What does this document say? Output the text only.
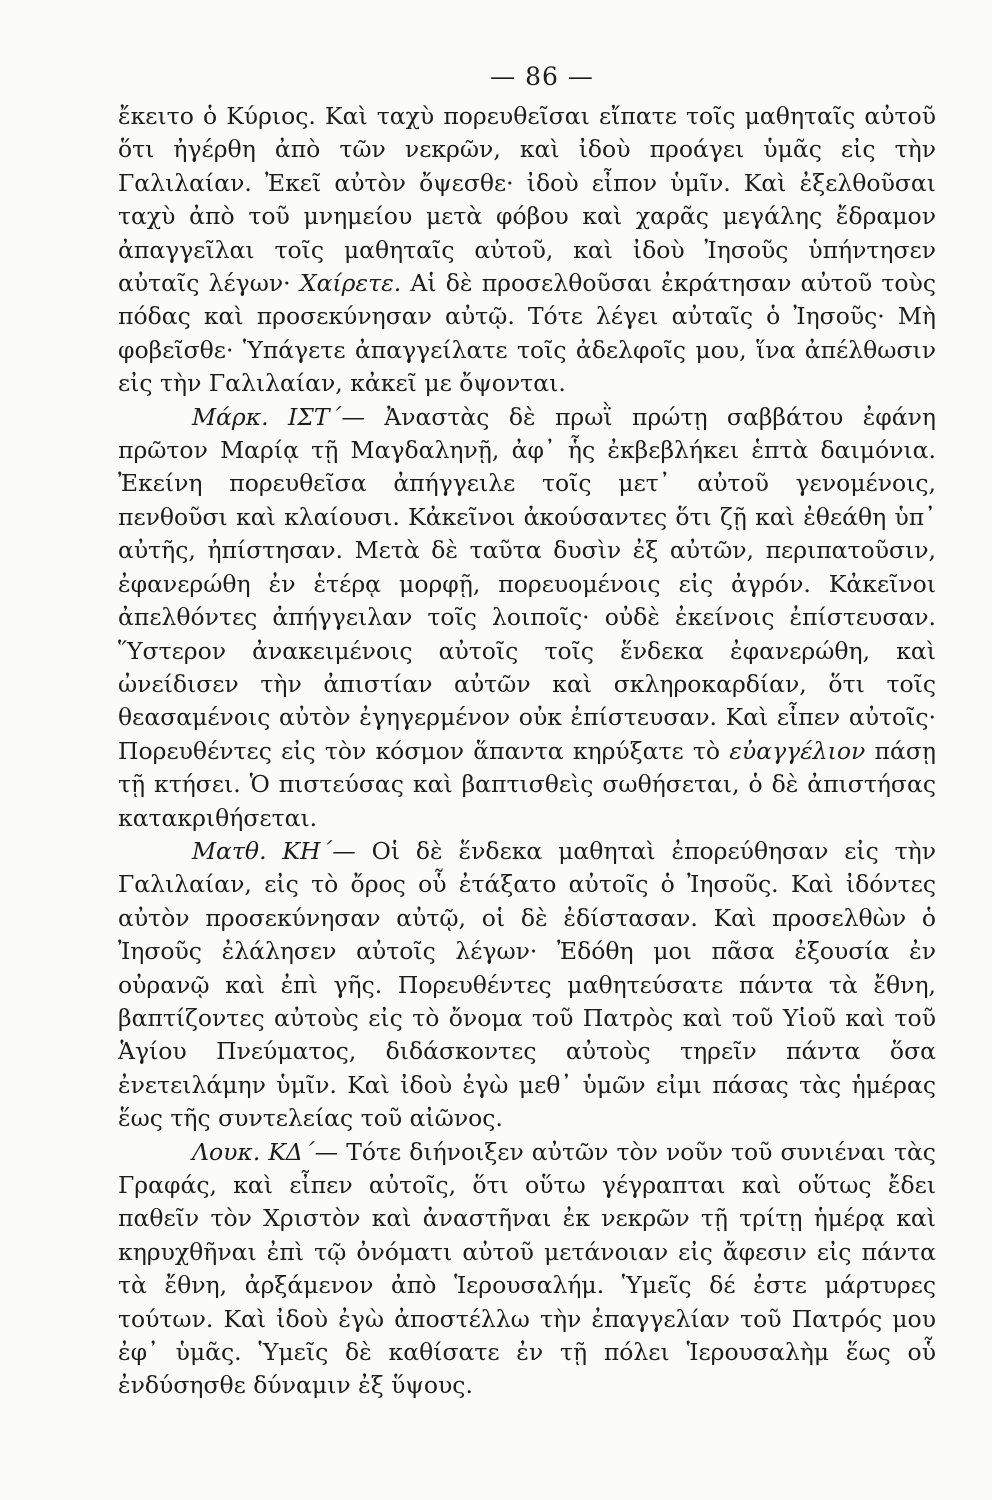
— 86 —

ἔκειτο ὁ Κύριος. Καὶ ταχὺ πορευθεῖσαι εἴπατε τοῖς μαθηταῖς αὐτοῦ ὅτι ἠγέρθη ἀπὸ τῶν νεκρῶν, καὶ ἰδοὺ προάγει ὑμᾶς εἰς τὴν Γαλιλαίαν. Ἐκεῖ αὐτὸν ὄψεσθε· ἰδοὺ εἶπον ὑμῖν. Καὶ ἐξελθοῦσαι ταχὺ ἀπὸ τοῦ μνημείου μετὰ φόβου καὶ χαρᾶς μεγάλης ἔδραμον ἀπαγγεῖλαι τοῖς μαθηταῖς αὐτοῦ, καὶ ἰδοὺ Ἰησοῦς ὑπήντησεν αὐταῖς λέγων· Χαίρετε. Αἱ δὲ προσελθοῦσαι ἐκράτησαν αὐτοῦ τοὺς πόδας καὶ προσεκύνησαν αὐτῷ. Τότε λέγει αὐταῖς ὁ Ἰησοῦς· Μὴ φοβεῖσθε· Ὑπάγετε ἀπαγγείλατε τοῖς ἀδελφοῖς μου, ἵνα ἀπέλθωσιν εἰς τὴν Γαλιλαίαν, κἀκεῖ με ὄψονται.

Μάρκ. ΙΣΤ΄— Ἀναστὰς δὲ πρωῒ πρώτῃ σαββάτου ἐφάνη πρῶτον Μαρίᾳ τῇ Μαγδαληνῇ, ἀφ᾿ ἧς ἐκβεβλήκει ἑπτὰ δαιμόνια. Ἐκείνη πορευθεῖσα ἀπήγγειλε τοῖς μετ᾿ αὐτοῦ γενομένοις, πενθοῦσι καὶ κλαίουσι. Κἀκεῖνοι ἀκούσαντες ὅτι ζῇ καὶ ἐθεάθη ὑπ᾿ αὐτῆς, ἠπίστησαν. Μετὰ δὲ ταῦτα δυσὶν ἐξ αὐτῶν, περιπατοῦσιν, ἐφανερώθη ἐν ἑτέρᾳ μορφῇ, πορευομένοις εἰς ἀγρόν. Κἀκεῖνοι ἀπελθόντες ἀπήγγειλαν τοῖς λοιποῖς· οὐδὲ ἐκείνοις ἐπίστευσαν. Ὕστερον ἀνακειμένοις αὐτοῖς τοῖς ἕνδεκα ἐφανερώθη, καὶ ὠνείδισεν τὴν ἀπιστίαν αὐτῶν καὶ σκληροκαρδίαν, ὅτι τοῖς θεασαμένοις αὐτὸν ἐγηγερμένον οὐκ ἐπίστευσαν. Καὶ εἶπεν αὐτοῖς· Πορευθέντες εἰς τὸν κόσμον ἅπαντα κηρύξατε τὸ εὐαγγέλιον πάσῃ τῇ κτήσει. Ὁ πιστεύσας καὶ βαπτισθεὶς σωθήσεται, ὁ δὲ ἀπιστήσας κατακριθήσεται.

Ματθ. ΚΗ΄— Οἱ δὲ ἕνδεκα μαθηταὶ ἐπορεύθησαν εἰς τὴν Γαλιλαίαν, εἰς τὸ ὄρος οὗ ἐτάξατο αὐτοῖς ὁ Ἰησοῦς. Καὶ ἰδόντες αὐτὸν προσεκύνησαν αὐτῷ, οἱ δὲ ἐδίστασαν. Καὶ προσελθὼν ὁ Ἰησοῦς ἐλάλησεν αὐτοῖς λέγων· Ἐδόθη μοι πᾶσα ἐξουσία ἐν οὐρανῷ καὶ ἐπὶ γῆς. Πορευθέντες μαθητεύσατε πάντα τὰ ἔθνη, βαπτίζοντες αὐτοὺς εἰς τὸ ὄνομα τοῦ Πατρὸς καὶ τοῦ Υἱοῦ καὶ τοῦ Ἁγίου Πνεύματος, διδάσκοντες αὐτοὺς τηρεῖν πάντα ὅσα ἐνετειλάμην ὑμῖν. Καὶ ἰδοὺ ἐγὼ μεθ᾿ ὑμῶν εἰμι πάσας τὰς ἡμέρας ἕως τῆς συντελείας τοῦ αἰῶνος.

Λουκ. ΚΔ΄— Τότε διήνοιξεν αὐτῶν τὸν νοῦν τοῦ συνιέναι τὰς Γραφάς, καὶ εἶπεν αὐτοῖς, ὅτι οὕτω γέγραπται καὶ οὕτως ἔδει παθεῖν τὸν Χριστὸν καὶ ἀναστῆναι ἐκ νεκρῶν τῇ τρίτῃ ἡμέρᾳ καὶ κηρυχθῆναι ἐπὶ τῷ ὀνόματι αὐτοῦ μετάνοιαν εἰς ἄφεσιν εἰς πάντα τὰ ἔθνη, ἀρξάμενον ἀπὸ Ἱερουσαλήμ. Ὑμεῖς δέ ἐστε μάρτυρες τούτων. Καὶ ἰδοὺ ἐγὼ ἀποστέλλω τὴν ἐπαγγελίαν τοῦ Πατρός μου ἐφ᾿ ὑμᾶς. Ὑμεῖς δὲ καθίσατε ἐν τῇ πόλει Ἱερουσαλὴμ ἕως οὗ ἐνδύσησθε δύναμιν ἐξ ὕψους.
